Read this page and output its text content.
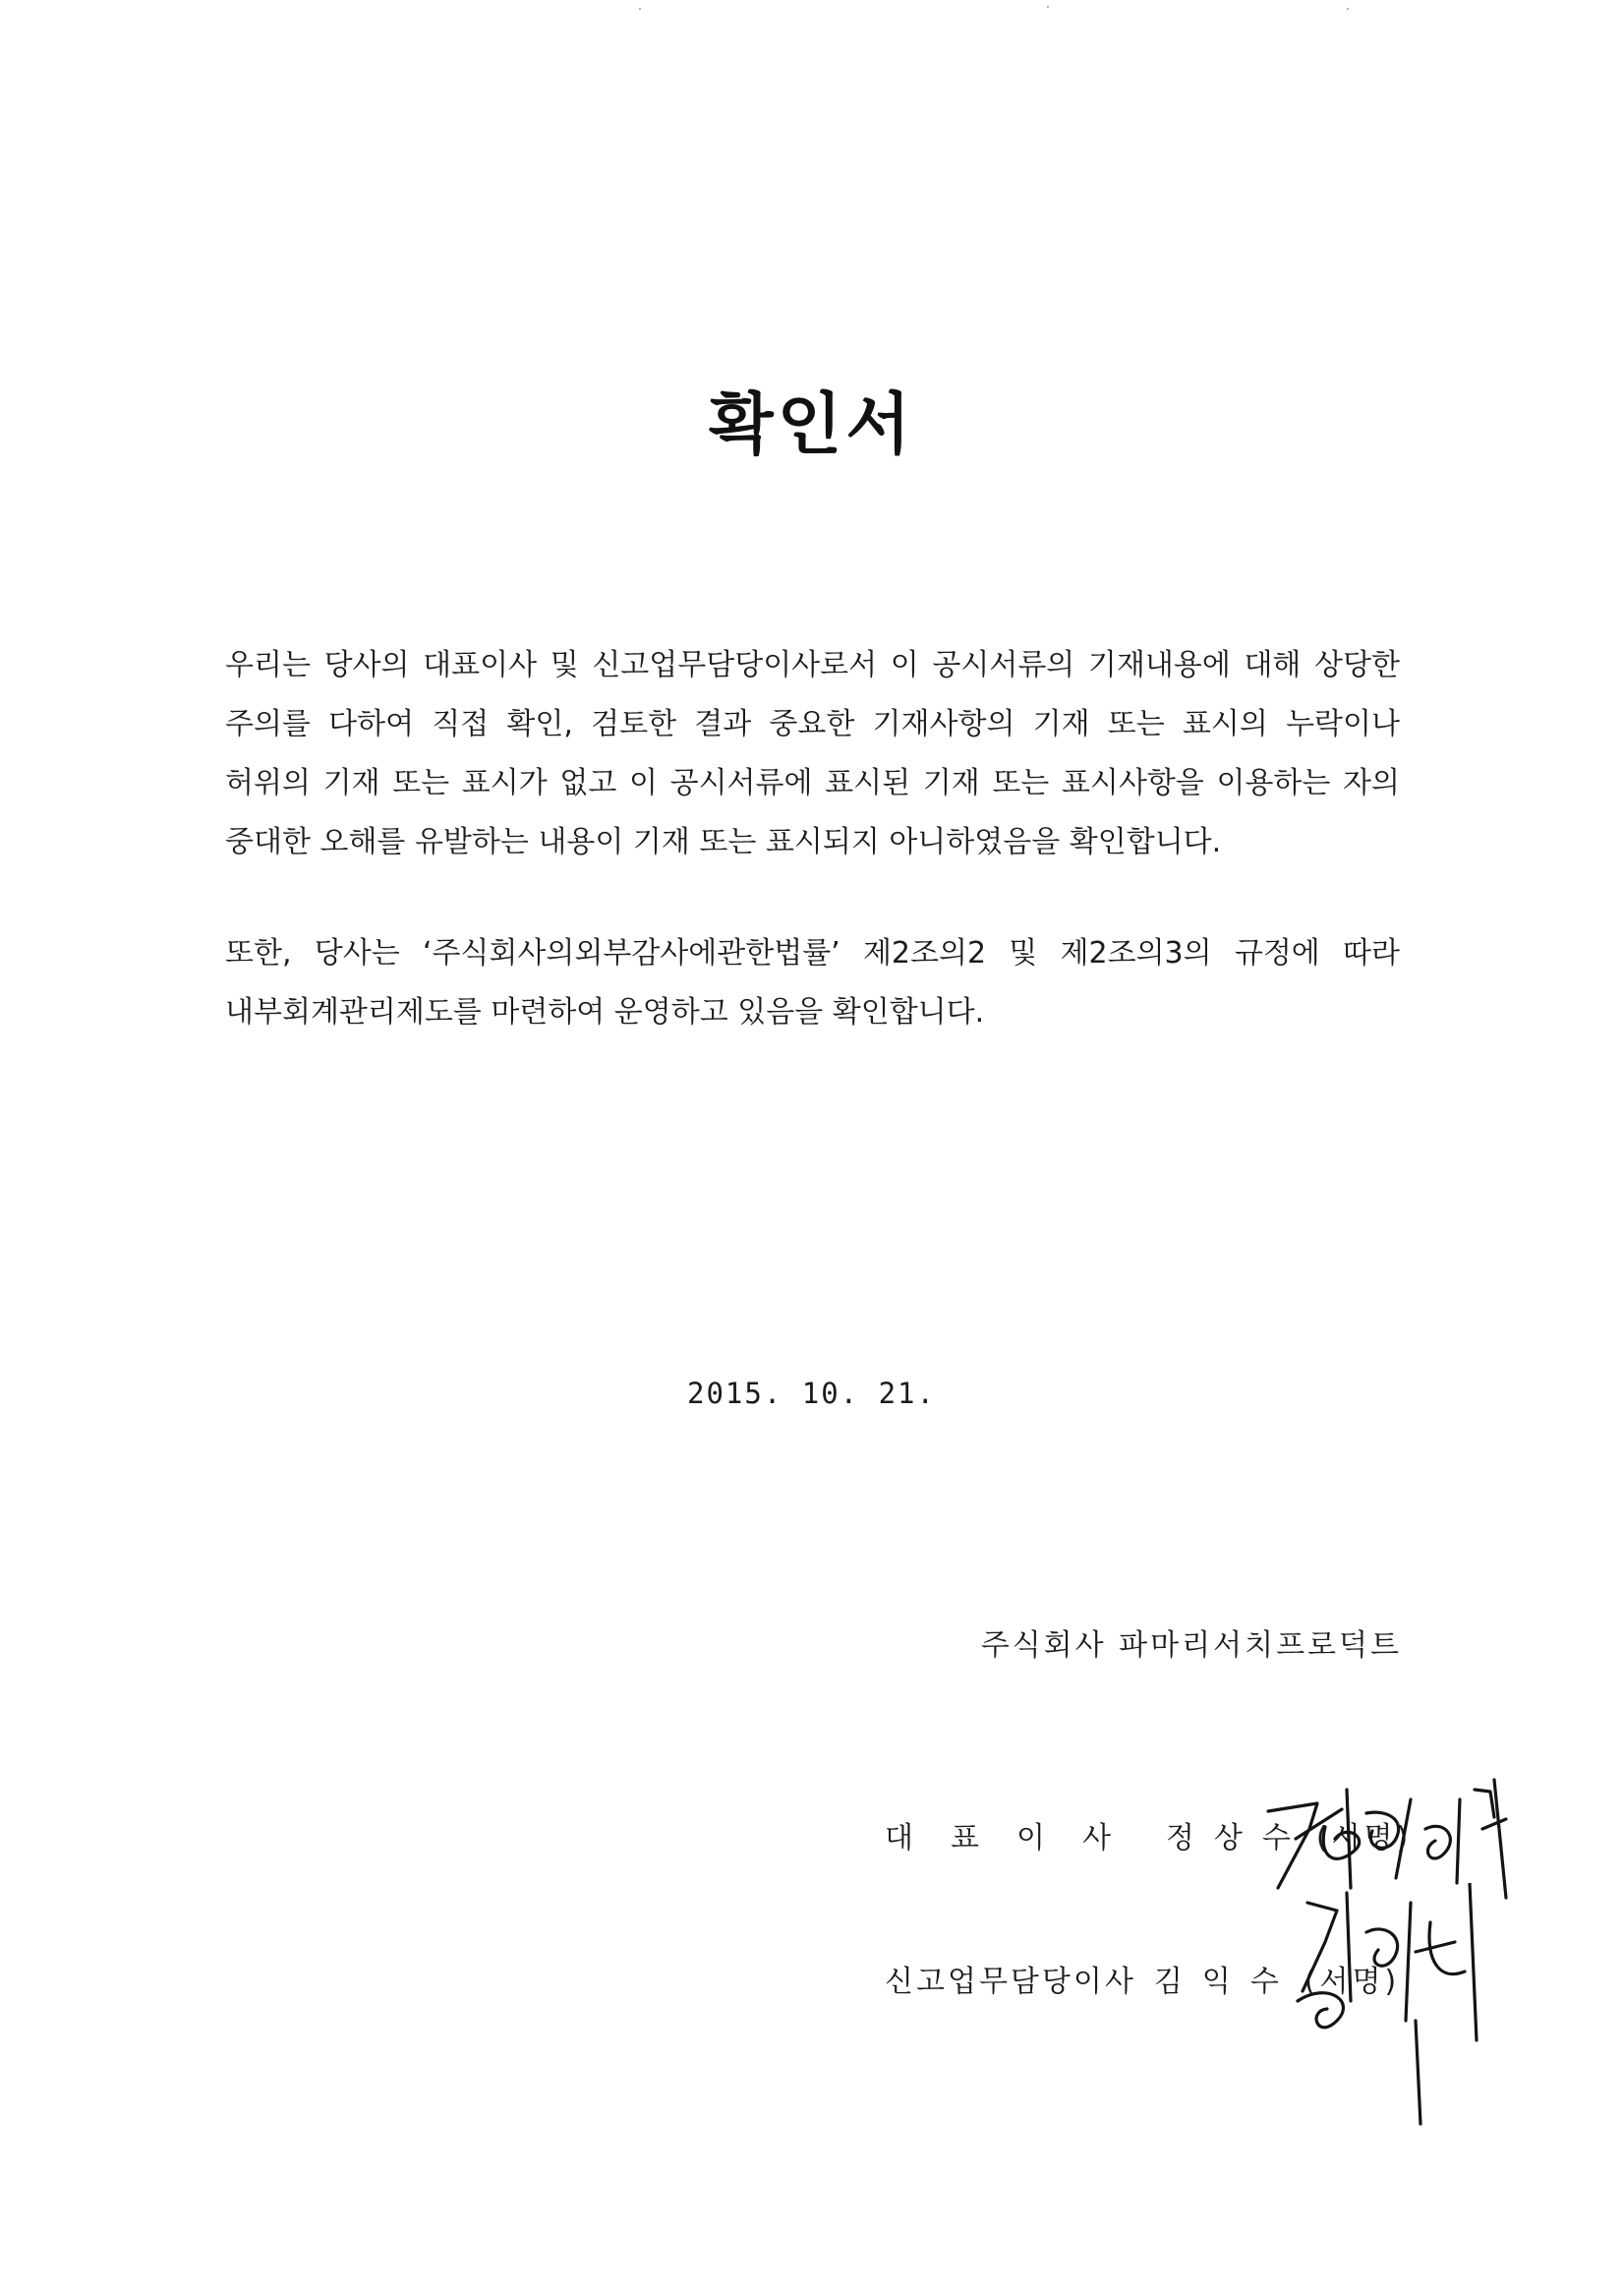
확인서

우리는 당사의 대표이사 및 신고업무담당이사로서 이 공시서류의 기재내용에 대해 상당한 주의를 다하여 직접 확인, 검토한 결과 중요한 기재사항의 기재 또는 표시의 누락이나 허위의 기재 또는 표시가 없고 이 공시서류에 표시된 기재 또는 표시사항을 이용하는 자의 중대한 오해를 유발하는 내용이 기재 또는 표시되지 아니하였음을 확인합니다.

또한, 당사는 ‘주식회사의외부감사에관한법률’ 제2조의2 및 제2조의3의 규정에 따라 내부회계관리제도를 마련하여 운영하고 있음을 확인합니다.

2015. 10. 21.
주식회사 파마리서치프로덕트
대표이사 정상수 (서명)
신고업무담당이사 김익수 (서명)
